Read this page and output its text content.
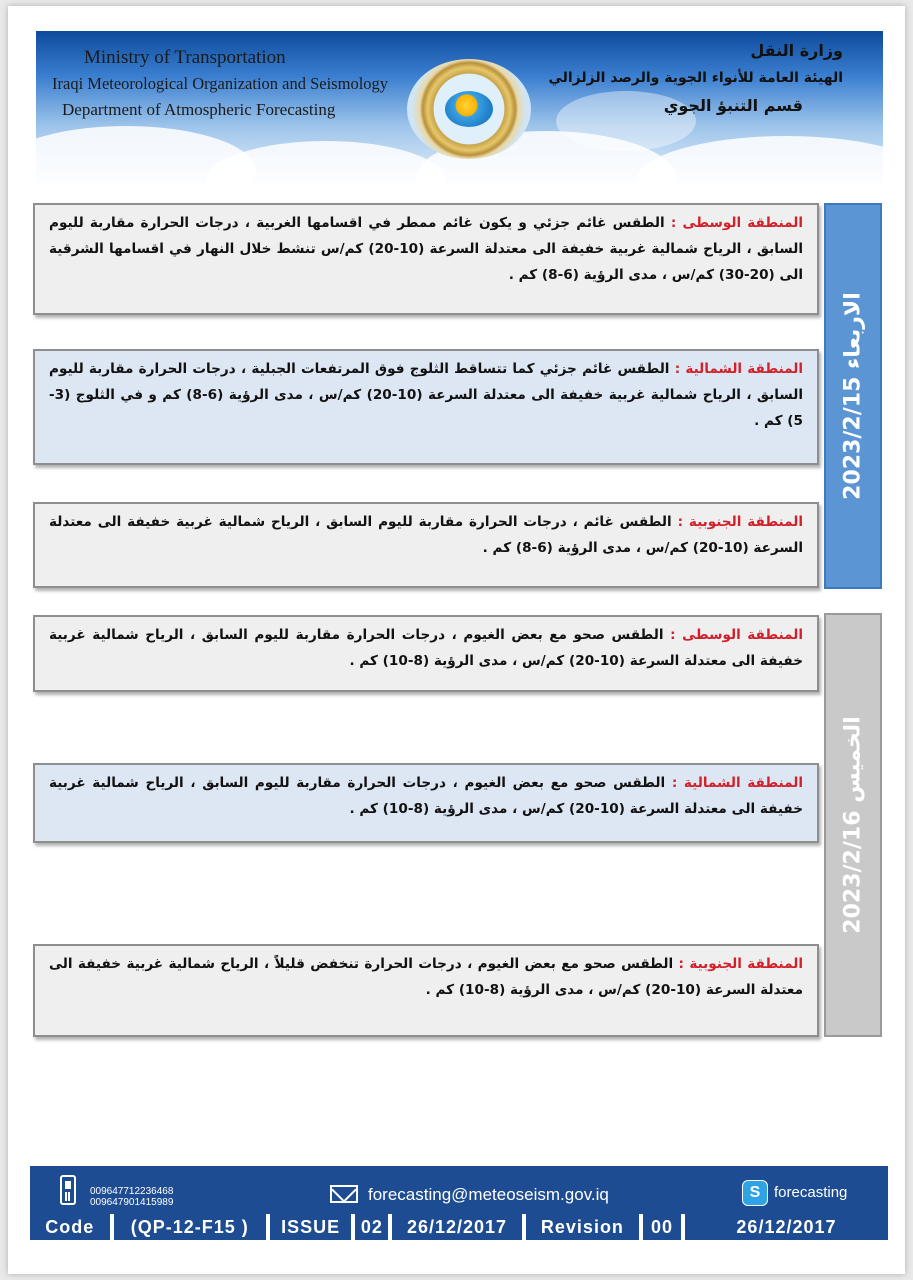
Ministry of Transportation
Iraqi Meteorological Organization and Seismology
Department of Atmospheric Forecasting
وزارة النقل
الهيئة العامة للأنواء الجوية والرصد الزلزالي
قسم التنبؤ الجوي
المنطقة الوسطى : الطقس غائم جزئي و يكون غائم ممطر في اقسامها الغربية ، درجات الحرارة مقاربة لليوم السابق ، الرياح شمالية غربية خفيفة الى معتدلة السرعة (10-20) كم/س تنشط خلال النهار في اقسامها الشرقية الى (20-30) كم/س ، مدى الرؤية (6-8) كم .
المنطقة الشمالية : الطقس غائم جزئي كما تتساقط الثلوج فوق المرتفعات الجبلية ، درجات الحرارة مقاربة لليوم السابق ، الرياح شمالية غربية خفيفة الى معتدلة السرعة (10-20) كم/س ، مدى الرؤية (6-8) كم و في الثلوج (3-5) كم .
المنطقة الجنوبية : الطقس غائم ، درجات الحرارة مقاربة لليوم السابق ، الرياح شمالية غربية خفيفة الى معتدلة السرعة (10-20) كم/س ، مدى الرؤية (6-8) كم .
الاربعاء 2023/2/15
المنطقة الوسطى : الطقس صحو مع بعض الغيوم ، درجات الحرارة مقاربة لليوم السابق ، الرياح شمالية غربية خفيفة الى معتدلة السرعة (10-20) كم/س ، مدى الرؤية (8-10) كم .
المنطقة الشمالية : الطقس صحو مع بعض الغيوم ، درجات الحرارة مقاربة لليوم السابق ، الرياح شمالية غربية خفيفة الى معتدلة السرعة (10-20) كم/س ، مدى الرؤية (8-10) كم .
المنطقة الجنوبية : الطقس صحو مع بعض الغيوم ، درجات الحرارة تنخفض قليلاً ، الرياح شمالية غربية خفيفة الى معتدلة السرعة (10-20) كم/س ، مدى الرؤية (8-10) كم .
الخميس 2023/2/16
009647712236468
009647901415989	forecasting@meteoseism.gov.iq	S forecasting
Code	(QP-12-F15 )	ISSUE	02	26/12/2017	Revision	00	26/12/2017
